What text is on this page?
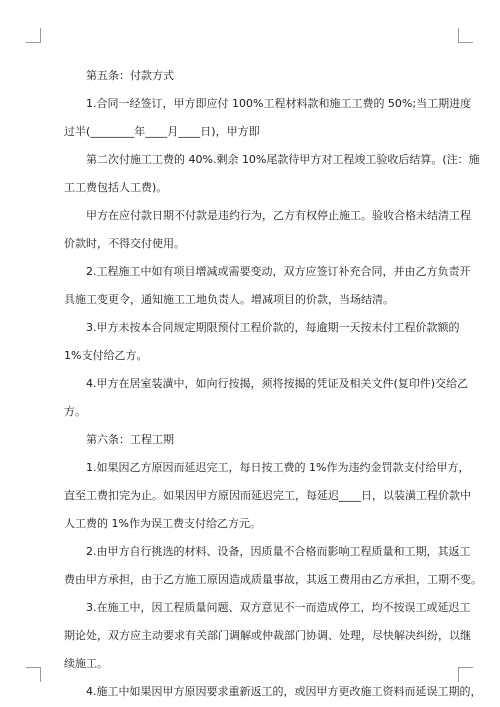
第五条：付款方式

1.合同一经签订，甲方即应付 100%工程材料款和施工工费的 50%;当工期进度

过半(________年____月____日)，甲方即

第二次付施工工费的 40%.剩余 10%尾款待甲方对工程竣工验收后结算。(注：施

工工费包括人工费)。

甲方在应付款日期不付款是违约行为，乙方有权停止施工。验收合格未结清工程

价款时，不得交付使用。

2.工程施工中如有项目增减或需要变动，双方应签订补充合同，并由乙方负责开

具施工变更令，通知施工工地负责人。增减项目的价款，当场结清。

3.甲方未按本合同规定期限预付工程价款的，每逾期一天按未付工程价款额的

1%支付给乙方。

4.甲方在居室装潢中，如向行按揭，须将按揭的凭证及相关文件(复印件)交给乙

方。

第六条：工程工期

1.如果因乙方原因而延迟完工，每日按工费的 1%作为违约金罚款支付给甲方，

直至工费扣完为止。如果因甲方原因而延迟完工，每延迟____日，以装潢工程价款中

人工费的 1%作为误工费支付给乙方元。

2.由甲方自行挑选的材料、设备，因质量不合格而影响工程质量和工期，其返工

费由甲方承担，由于乙方施工原因造成质量事故，其返工费用由乙方承担，工期不变。

3.在施工中，因工程质量问题、双方意见不一而造成停工，均不按误工或延迟工

期论处，双方应主动要求有关部门调解或仲裁部门协调、处理，尽快解决纠纷，以继

续施工。

4.施工中如果因甲方原因要求重新返工的，或因甲方更改施工资料而延误工期的，
